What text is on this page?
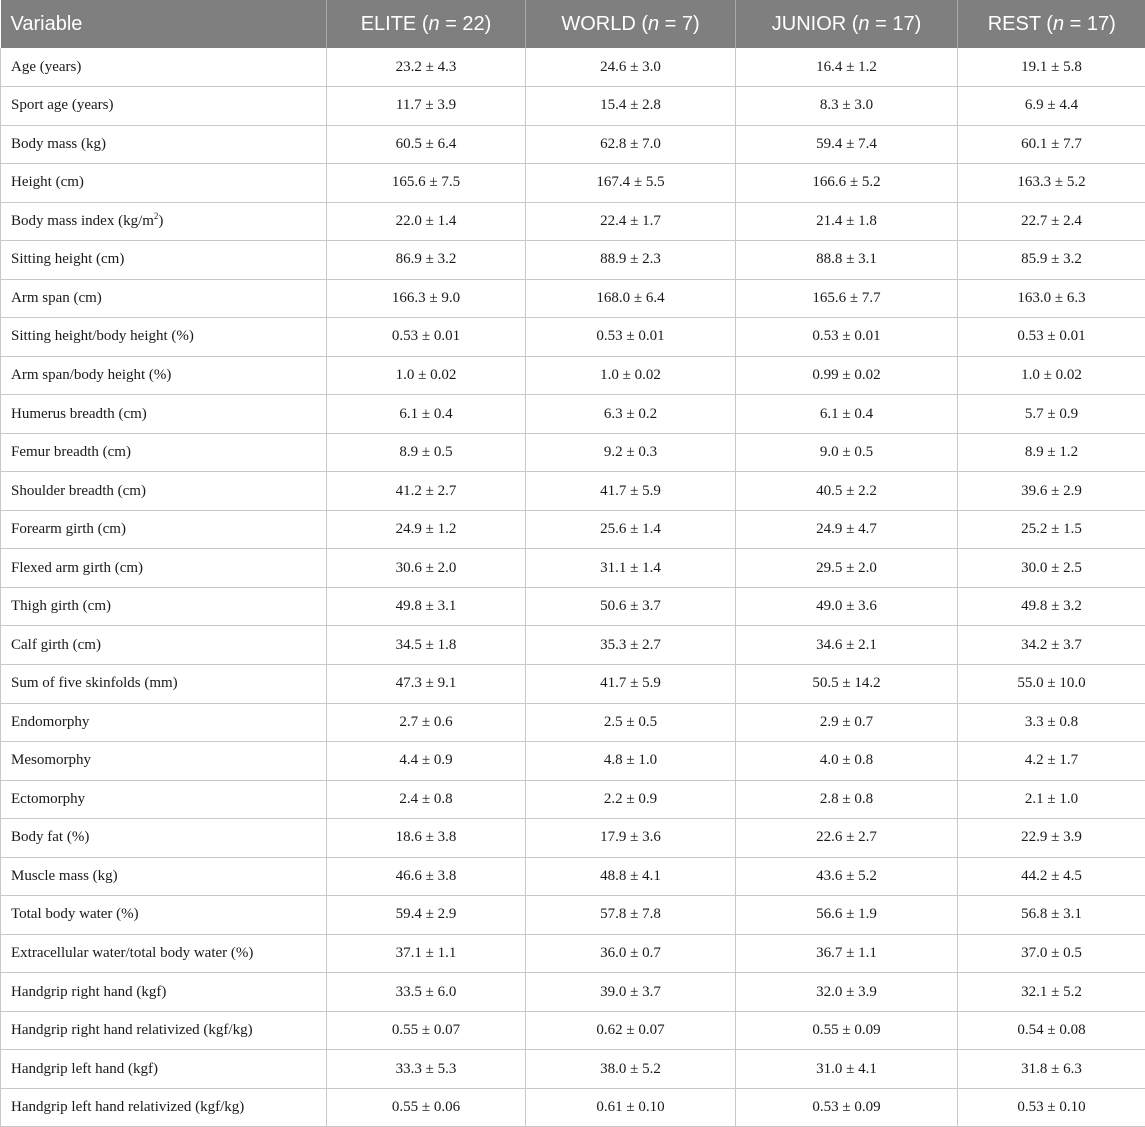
Variable	ELITE (n = 22)	WORLD (n = 7)	JUNIOR (n = 17)	REST (n = 17)
Age (years)	23.2 ± 4.3	24.6 ± 3.0	16.4 ± 1.2	19.1 ± 5.8
Sport age (years)	11.7 ± 3.9	15.4 ± 2.8	8.3 ± 3.0	6.9 ± 4.4
Body mass (kg)	60.5 ± 6.4	62.8 ± 7.0	59.4 ± 7.4	60.1 ± 7.7
Height (cm)	165.6 ± 7.5	167.4 ± 5.5	166.6 ± 5.2	163.3 ± 5.2
Body mass index $(kg/m^2)$	22.0 ± 1.4	22.4 ± 1.7	21.4 ± 1.8	22.7 ± 2.4
Sitting height (cm)	86.9 ± 3.2	88.9 ± 2.3	88.8 ± 3.1	85.9 ± 3.2
Arm span (cm)	166.3 ± 9.0	168.0 ± 6.4	165.6 ± 7.7	163.0 ± 6.3
Sitting height/body height (%)	0.53 ± 0.01	0.53 ± 0.01	0.53 ± 0.01	0.53 ± 0.01
Arm span/body height (%)	1.0 ± 0.02	1.0 ± 0.02	0.99 ± 0.02	1.0 ± 0.02
Humerus breadth (cm)	6.1 ± 0.4	6.3 ± 0.2	6.1 ± 0.4	5.7 ± 0.9
Femur breadth (cm)	8.9 ± 0.5	9.2 ± 0.3	9.0 ± 0.5	8.9 ± 1.2
Shoulder breadth (cm)	41.2 ± 2.7	41.7 ± 5.9	40.5 ± 2.2	39.6 ± 2.9
Forearm girth (cm)	24.9 ± 1.2	25.6 ± 1.4	24.9 ± 4.7	25.2 ± 1.5
Flexed arm girth (cm)	30.6 ± 2.0	31.1 ± 1.4	29.5 ± 2.0	30.0 ± 2.5
Thigh girth (cm)	49.8 ± 3.1	50.6 ± 3.7	49.0 ± 3.6	49.8 ± 3.2
Calf girth (cm)	34.5 ± 1.8	35.3 ± 2.7	34.6 ± 2.1	34.2 ± 3.7
Sum of five skinfolds (mm)	47.3 ± 9.1	41.7 ± 5.9	50.5 ± 14.2	55.0 ± 10.0
Endomorphy	2.7 ± 0.6	2.5 ± 0.5	2.9 ± 0.7	3.3 ± 0.8
Mesomorphy	4.4 ± 0.9	4.8 ± 1.0	4.0 ± 0.8	4.2 ± 1.7
Ectomorphy	2.4 ± 0.8	2.2 ± 0.9	2.8 ± 0.8	2.1 ± 1.0
Body fat (%)	18.6 ± 3.8	17.9 ± 3.6	22.6 ± 2.7	22.9 ± 3.9
Muscle mass (kg)	46.6 ± 3.8	48.8 ± 4.1	43.6 ± 5.2	44.2 ± 4.5
Total body water (%)	59.4 ± 2.9	57.8 ± 7.8	56.6 ± 1.9	56.8 ± 3.1
Extracellular water/total body water (%)	37.1 ± 1.1	36.0 ± 0.7	36.7 ± 1.1	37.0 ± 0.5
Handgrip right hand (kgf)	33.5 ± 6.0	39.0 ± 3.7	32.0 ± 3.9	32.1 ± 5.2
Handgrip right hand relativized (kgf/kg)	0.55 ± 0.07	0.62 ± 0.07	0.55 ± 0.09	0.54 ± 0.08
Handgrip left hand (kgf)	33.3 ± 5.3	38.0 ± 5.2	31.0 ± 4.1	31.8 ± 6.3
Handgrip left hand relativized (kgf/kg)	0.55 ± 0.06	0.61 ± 0.10	0.53 ± 0.09	0.53 ± 0.10
